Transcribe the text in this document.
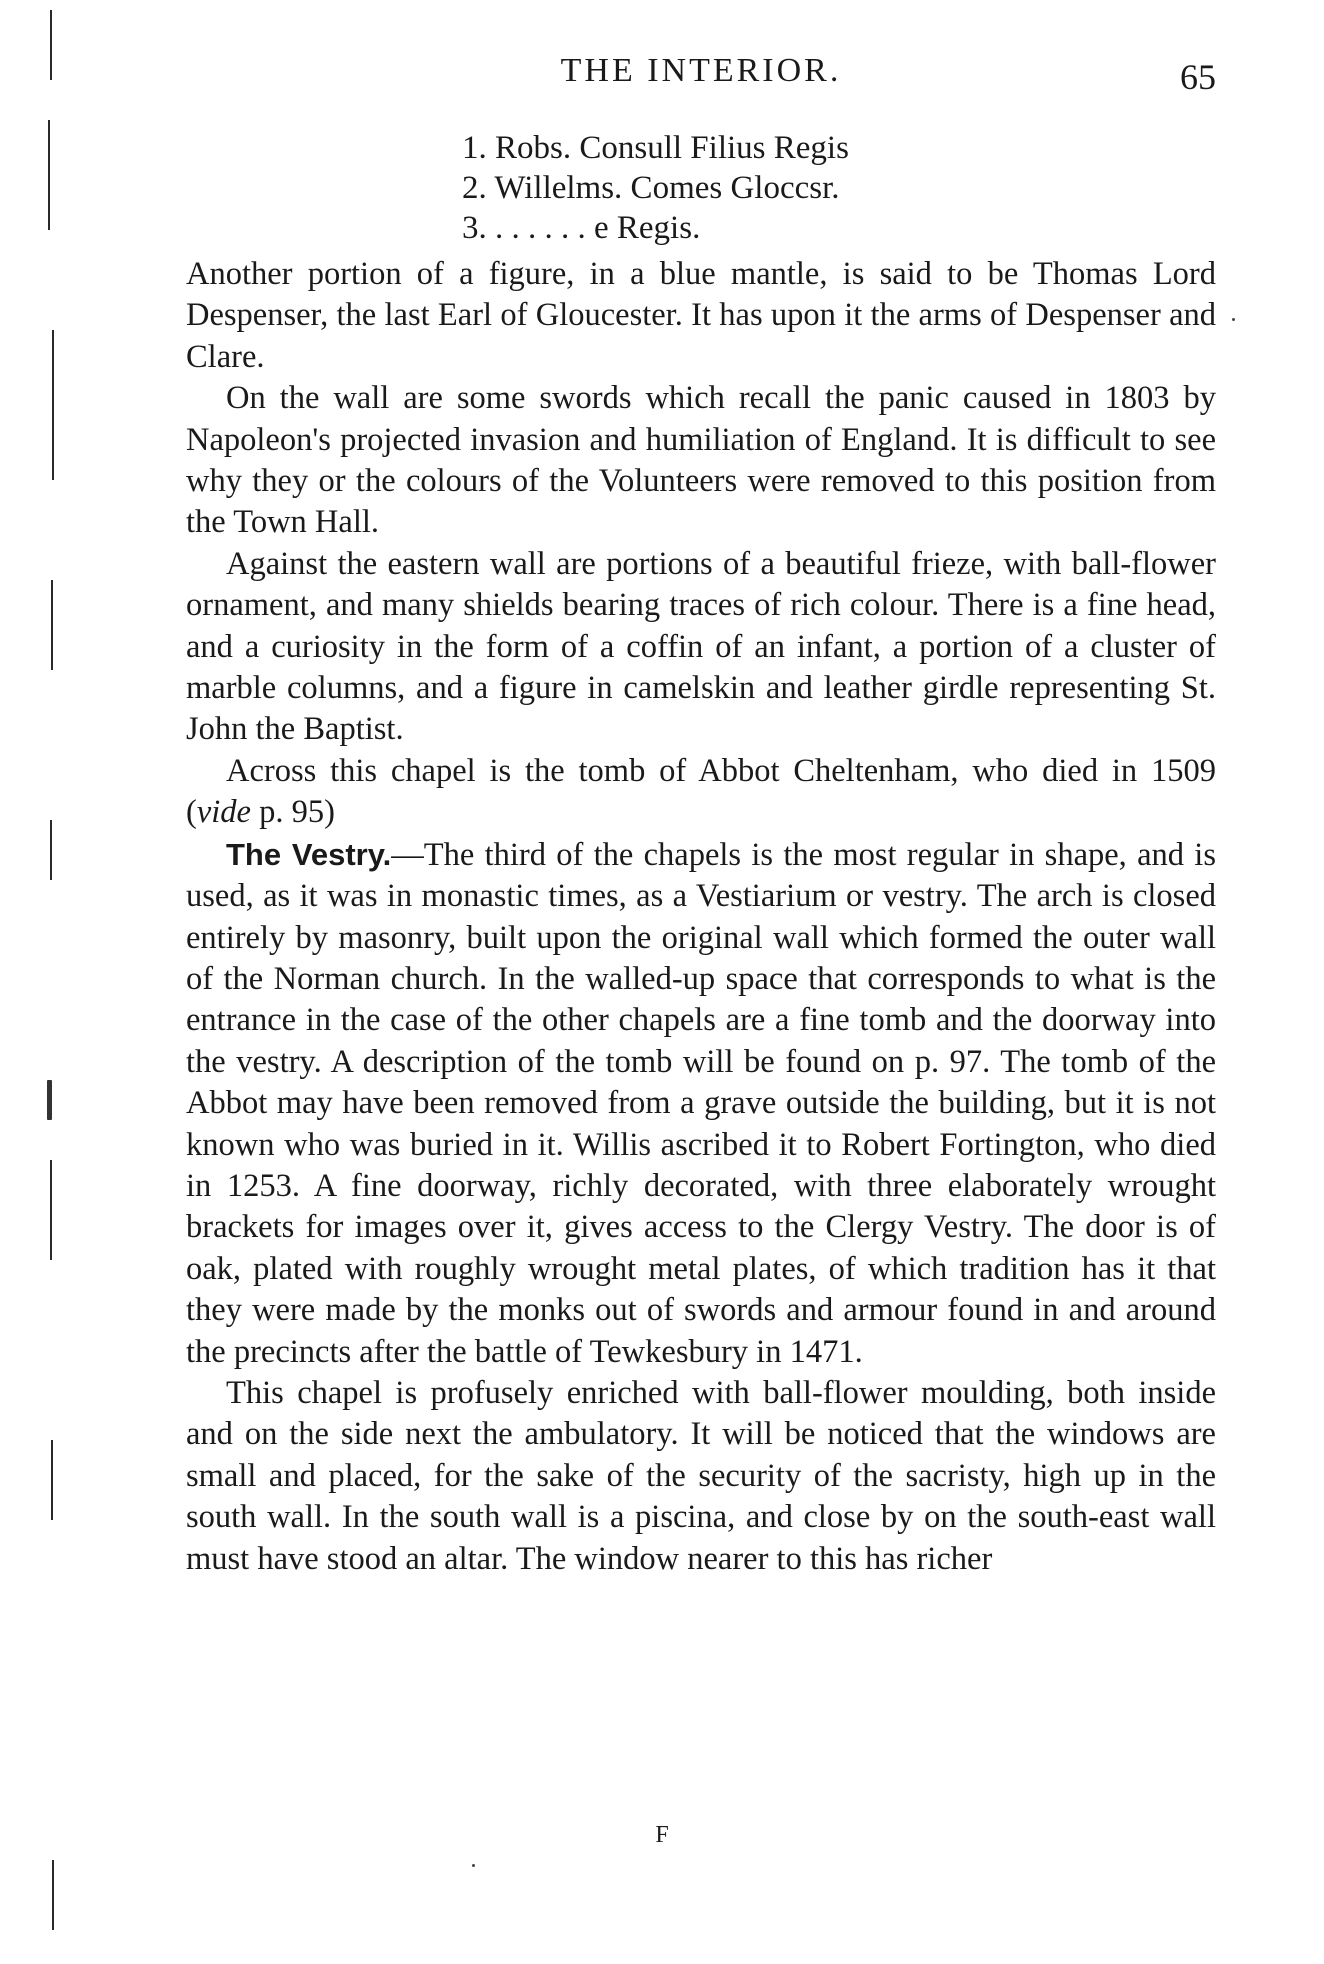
THE INTERIOR.	65
1. Robs. Consull Filius Regis
2. Willelms. Comes Gloccsr.
3. . . . . . . e Regis.

Another portion of a figure, in a blue mantle, is said to be Thomas Lord Despenser, the last Earl of Gloucester. It has upon it the arms of Despenser and Clare.

On the wall are some swords which recall the panic caused in 1803 by Napoleon's projected invasion and humiliation of England. It is difficult to see why they or the colours of the Volunteers were removed to this position from the Town Hall.

Against the eastern wall are portions of a beautiful frieze, with ball-flower ornament, and many shields bearing traces of rich colour. There is a fine head, and a curiosity in the form of a coffin of an infant, a portion of a cluster of marble columns, and a figure in camelskin and leather girdle representing St. John the Baptist.

Across this chapel is the tomb of Abbot Cheltenham, who died in 1509 (vide p. 95)

The Vestry.—The third of the chapels is the most regular in shape, and is used, as it was in monastic times, as a Vestiarium or vestry. The arch is closed entirely by masonry, built upon the original wall which formed the outer wall of the Norman church. In the walled-up space that corresponds to what is the entrance in the case of the other chapels are a fine tomb and the doorway into the vestry. A description of the tomb will be found on p. 97. The tomb of the Abbot may have been removed from a grave outside the building, but it is not known who was buried in it. Willis ascribed it to Robert Fortington, who died in 1253. A fine doorway, richly decorated, with three elaborately wrought brackets for images over it, gives access to the Clergy Vestry. The door is of oak, plated with roughly wrought metal plates, of which tradition has it that they were made by the monks out of swords and armour found in and around the precincts after the battle of Tewkesbury in 1471.

This chapel is profusely enriched with ball-flower moulding, both inside and on the side next the ambulatory. It will be noticed that the windows are small and placed, for the sake of the security of the sacristy, high up in the south wall. In the south wall is a piscina, and close by on the south-east wall must have stood an altar. The window nearer to this has richer

F
